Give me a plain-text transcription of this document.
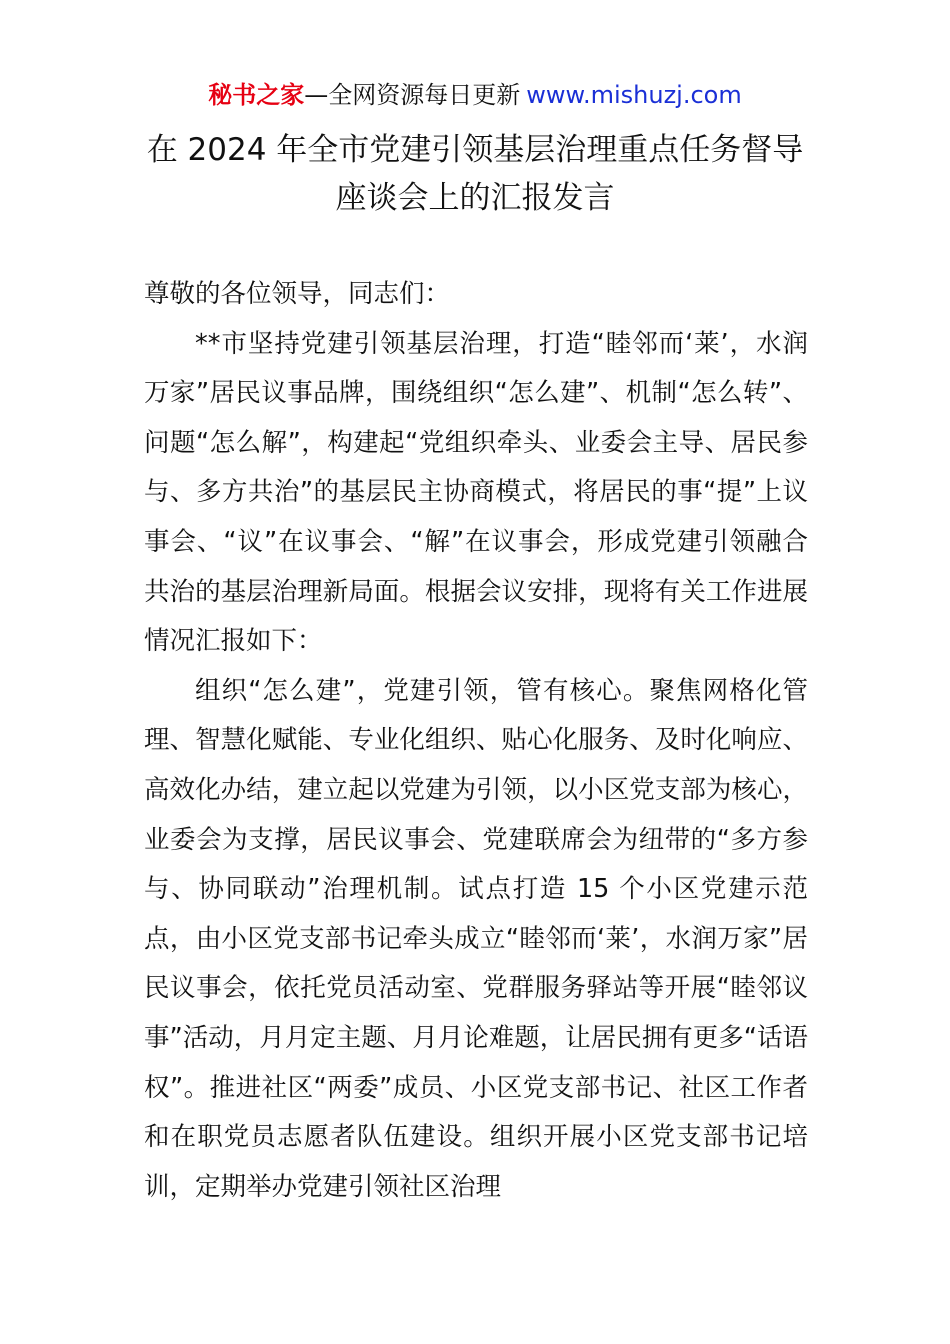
秘书之家—全网资源每日更新 www.mishuzj.com
在 2024 年全市党建引领基层治理重点任务督导
座谈会上的汇报发言

尊敬的各位领导，同志们：

**市坚持党建引领基层治理，打造“睦邻而‘莱’，水润万家”居民议事品牌，围绕组织“怎么建”、机制“怎么转”、问题“怎么解”，构建起“党组织牵头、业委会主导、居民参与、多方共治”的基层民主协商模式，将居民的事“提”上议事会、“议”在议事会、“解”在议事会，形成党建引领融合共治的基层治理新局面。根据会议安排，现将有关工作进展情况汇报如下：

组织“怎么建”，党建引领，管有核心。聚焦网格化管理、智慧化赋能、专业化组织、贴心化服务、及时化响应、高效化办结，建立起以党建为引领，以小区党支部为核心，业委会为支撑，居民议事会、党建联席会为纽带的“多方参与、协同联动”治理机制。试点打造 15 个小区党建示范点，由小区党支部书记牵头成立“睦邻而‘莱’，水润万家”居民议事会，依托党员活动室、党群服务驿站等开展“睦邻议事”活动，月月定主题、月月论难题，让居民拥有更多“话语权”。推进社区“两委”成员、小区党支部书记、社区工作者和在职党员志愿者队伍建设。组织开展小区党支部书记培训，定期举办党建引领社区治理
